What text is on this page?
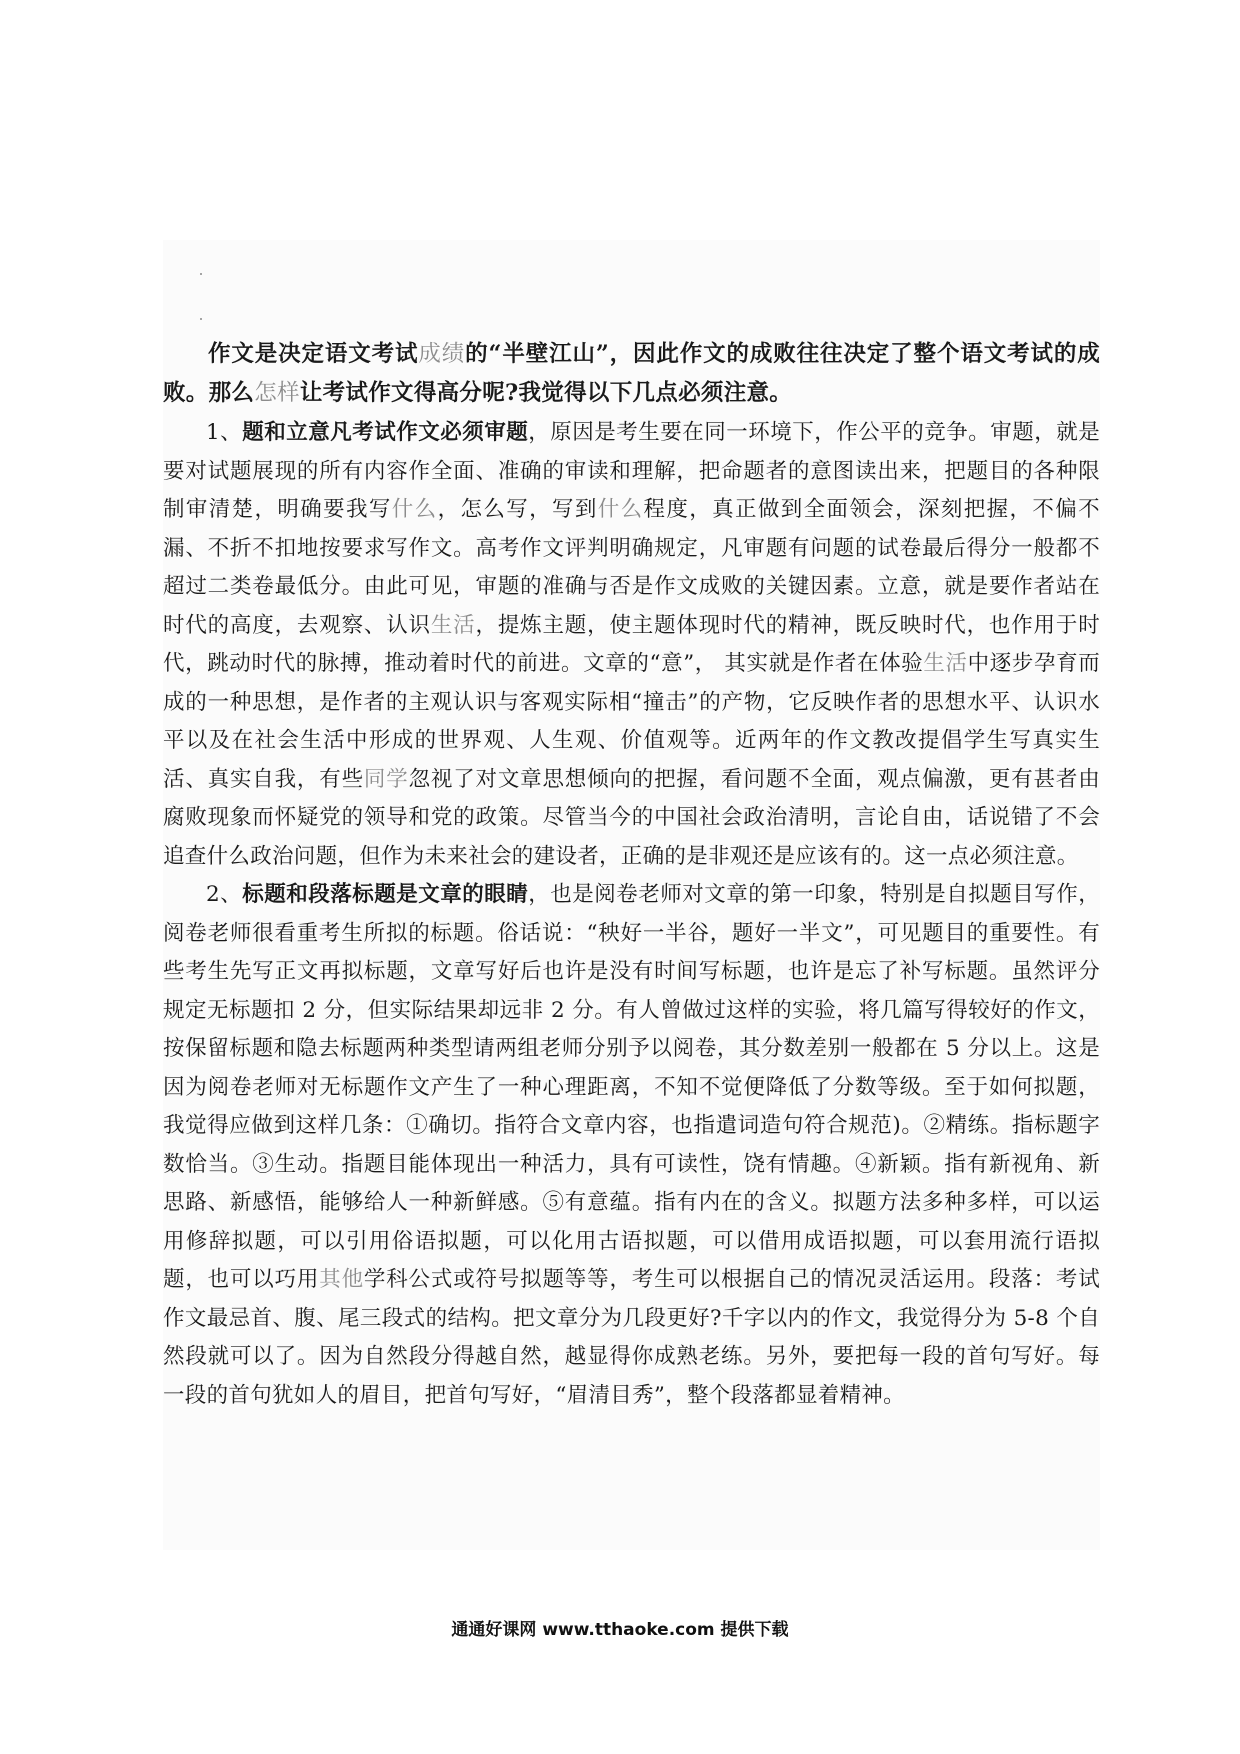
作文是决定语文考试成绩的“半壁江山”，因此作文的成败往往决定了整个语文考试的成败。那么怎样让考试作文得高分呢?我觉得以下几点必须注意。

1、题和立意凡考试作文必须审题，原因是考生要在同一环境下，作公平的竞争。审题，就是要对试题展现的所有内容作全面、准确的审读和理解，把命题者的意图读出来，把题目的各种限制审清楚，明确要我写什么，怎么写，写到什么程度，真正做到全面领会，深刻把握，不偏不漏、不折不扣地按要求写作文。高考作文评判明确规定，凡审题有问题的试卷最后得分一般都不超过二类卷最低分。由此可见，审题的准确与否是作文成败的关键因素。立意，就是要作者站在时代的高度，去观察、认识生活，提炼主题，使主题体现时代的精神，既反映时代，也作用于时代，跳动时代的脉搏，推动着时代的前进。文章的“意”， 其实就是作者在体验生活中逐步孕育而成的一种思想，是作者的主观认识与客观实际相“撞击”的产物，它反映作者的思想水平、认识水平以及在社会生活中形成的世界观、人生观、价值观等。近两年的作文教改提倡学生写真实生活、真实自我，有些同学忽视了对文章思想倾向的把握，看问题不全面，观点偏激，更有甚者由腐败现象而怀疑党的领导和党的政策。尽管当今的中国社会政治清明，言论自由，话说错了不会追查什么政治问题，但作为未来社会的建设者，正确的是非观还是应该有的。这一点必须注意。

2、标题和段落标题是文章的眼睛，也是阅卷老师对文章的第一印象，特别是自拟题目写作，阅卷老师很看重考生所拟的标题。俗话说：“秧好一半谷，题好一半文”，可见题目的重要性。有些考生先写正文再拟标题，文章写好后也许是没有时间写标题，也许是忘了补写标题。虽然评分规定无标题扣 2 分，但实际结果却远非 2 分。有人曾做过这样的实验，将几篇写得较好的作文，按保留标题和隐去标题两种类型请两组老师分别予以阅卷，其分数差别一般都在 5 分以上。这是因为阅卷老师对无标题作文产生了一种心理距离，不知不觉便降低了分数等级。至于如何拟题，我觉得应做到这样几条：①确切。指符合文章内容，也指遣词造句符合规范)。②精练。指标题字数恰当。③生动。指题目能体现出一种活力，具有可读性，饶有情趣。④新颖。指有新视角、新思路、新感悟，能够给人一种新鲜感。⑤有意蕴。指有内在的含义。拟题方法多种多样，可以运用修辞拟题，可以引用俗语拟题，可以化用古语拟题，可以借用成语拟题，可以套用流行语拟题，也可以巧用其他学科公式或符号拟题等等，考生可以根据自己的情况灵活运用。段落：考试作文最忌首、腹、尾三段式的结构。把文章分为几段更好?千字以内的作文，我觉得分为 5-8 个自然段就可以了。因为自然段分得越自然，越显得你成熟老练。另外，要把每一段的首句写好。每一段的首句犹如人的眉目，把首句写好，“眉清目秀”，整个段落都显着精神。

通通好课网 www.tthaoke.com 提供下载
